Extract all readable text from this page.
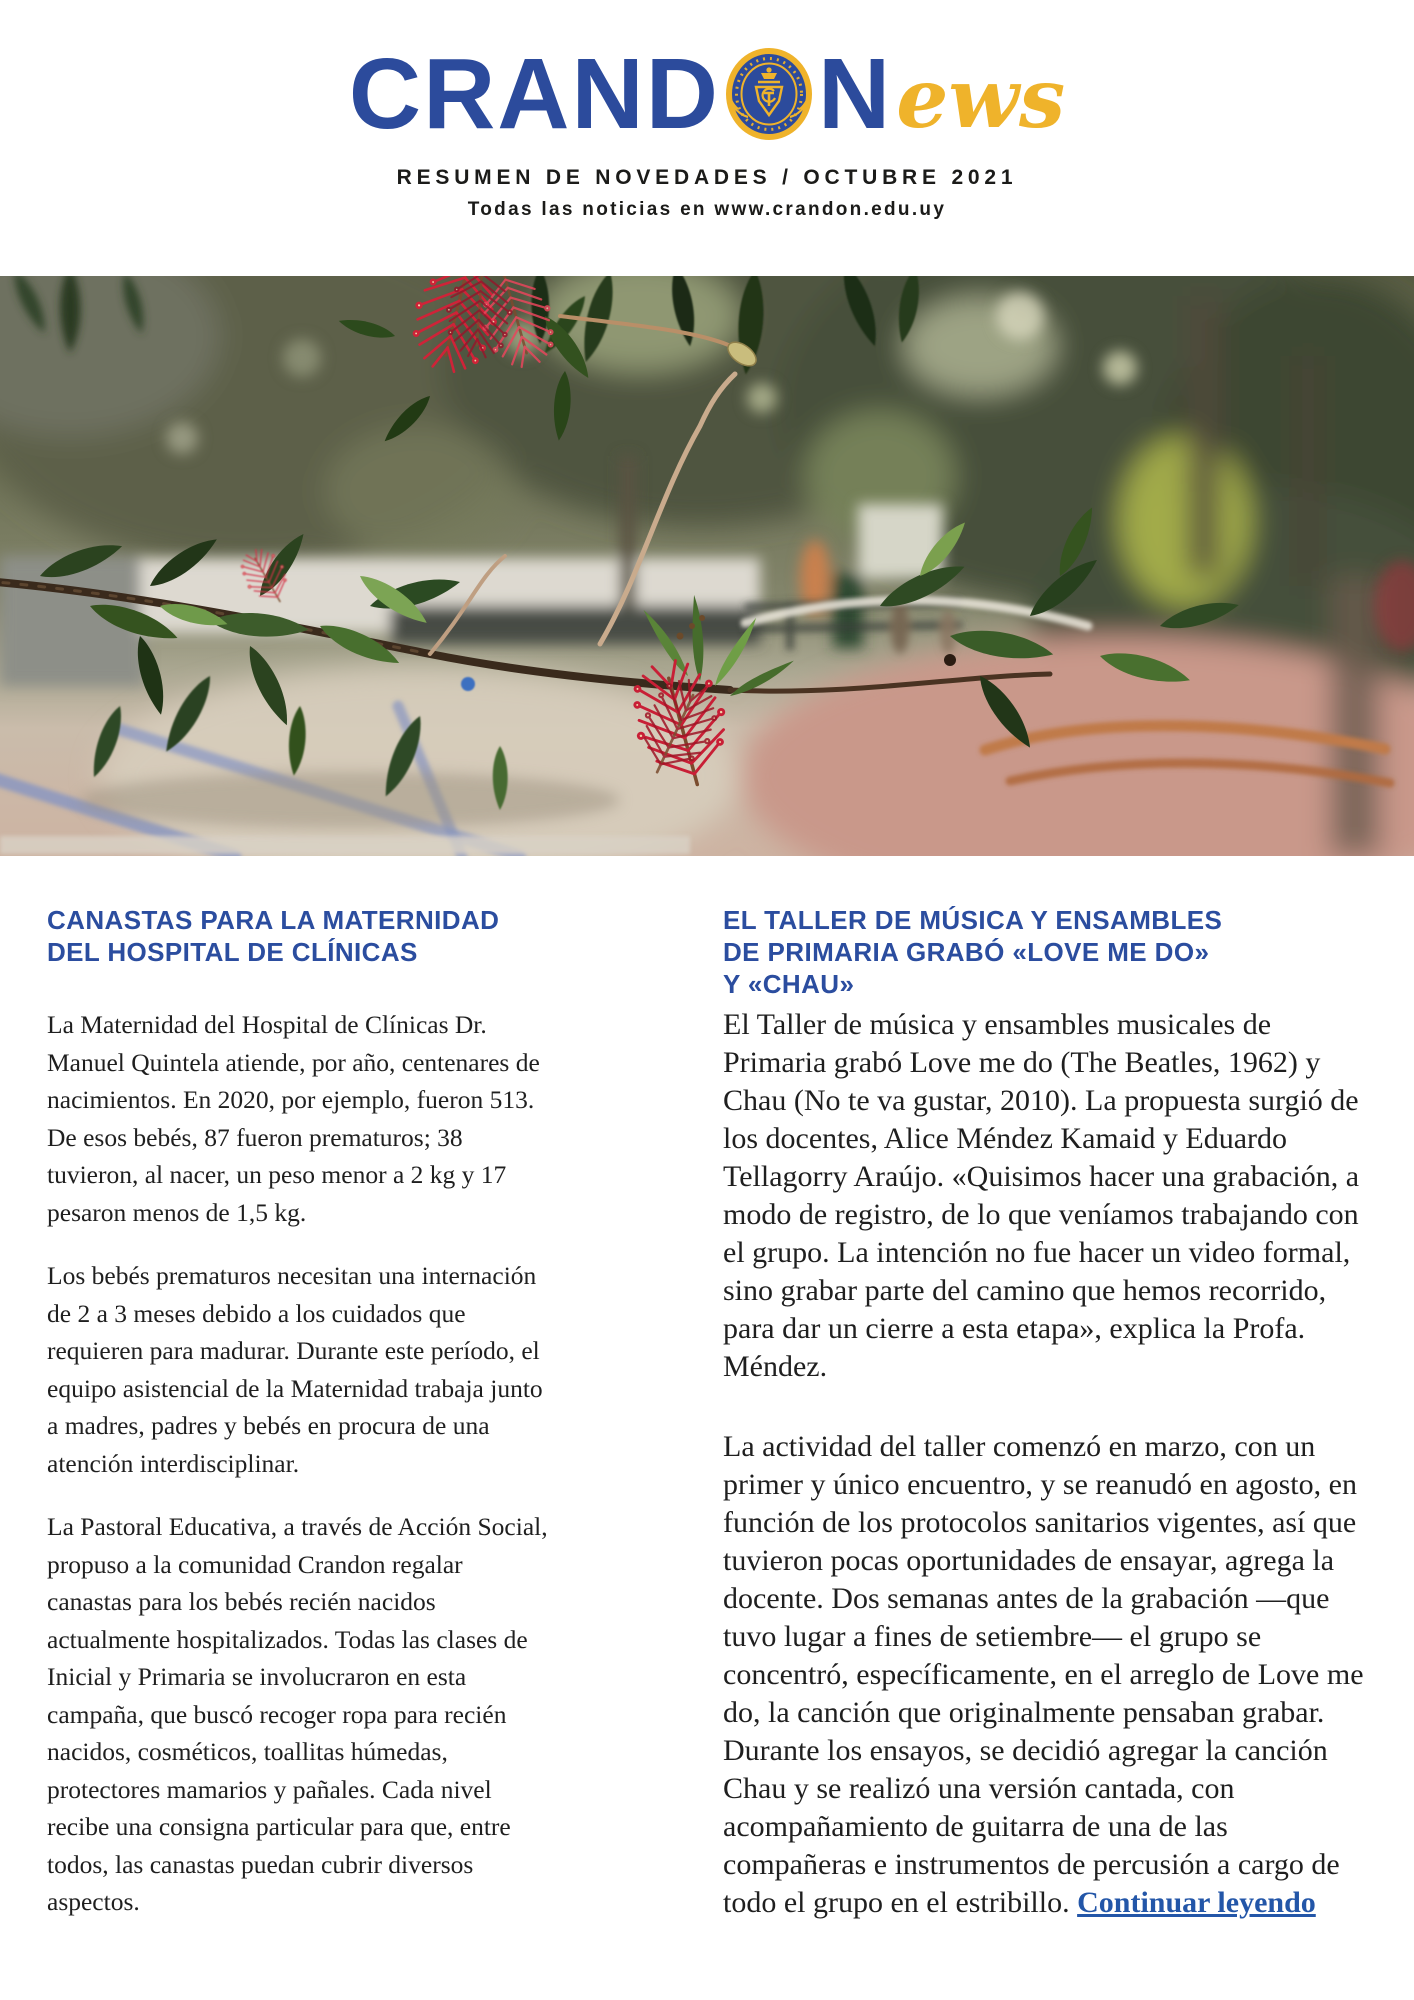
CRAND N ews
RESUMEN DE NOVEDADES / OCTUBRE 2021
Todas las noticias en www.crandon.edu.uy
CANASTAS PARA LA MATERNIDAD
DEL HOSPITAL DE CLÍNICAS

La Maternidad del Hospital de Clínicas Dr. Manuel Quintela atiende, por año, centenares de nacimientos. En 2020, por ejemplo, fueron 513. De esos bebés, 87 fueron prematuros; 38 tuvieron, al nacer, un peso menor a 2 kg y 17 pesaron menos de 1,5 kg.

Los bebés prematuros necesitan una internación de 2 a 3 meses debido a los cuidados que requieren para madurar. Durante este período, el equipo asistencial de la Maternidad trabaja junto a madres, padres y bebés en procura de una atención interdisciplinar.

La Pastoral Educativa, a través de Acción Social, propuso a la comunidad Crandon regalar canastas para los bebés recién nacidos actualmente hospitalizados. Todas las clases de Inicial y Primaria se involucraron en esta campaña, que buscó recoger ropa para recién nacidos, cosméticos, toallitas húmedas, protectores mamarios y pañales. Cada nivel recibe una consigna particular para que, entre todos, las canastas puedan cubrir diversos aspectos.

EL TALLER DE MÚSICA Y ENSAMBLES
DE PRIMARIA GRABÓ «LOVE ME DO»
Y «CHAU»

El Taller de música y ensambles musicales de Primaria grabó Love me do (The Beatles, 1962) y Chau (No te va gustar, 2010). La propuesta surgió de los docentes, Alice Méndez Kamaid y Eduardo Tellagorry Araújo. «Quisimos hacer una grabación, a modo de registro, de lo que veníamos trabajando con el grupo. La intención no fue hacer un video formal, sino grabar parte del camino que hemos recorrido, para dar un cierre a esta etapa», explica la Profa. Méndez.

La actividad del taller comenzó en marzo, con un primer y único encuentro, y se reanudó en agosto, en función de los protocolos sanitarios vigentes, así que tuvieron pocas oportunidades de ensayar, agrega la docente. Dos semanas antes de la grabación —que tuvo lugar a fines de setiembre— el grupo se concentró, específicamente, en el arreglo de Love me do, la canción que originalmente pensaban grabar. Durante los ensayos, se decidió agregar la canción Chau y se realizó una versión cantada, con acompañamiento de guitarra de una de las compañeras e instrumentos de percusión a cargo de todo el grupo en el estribillo. Continuar leyendo
